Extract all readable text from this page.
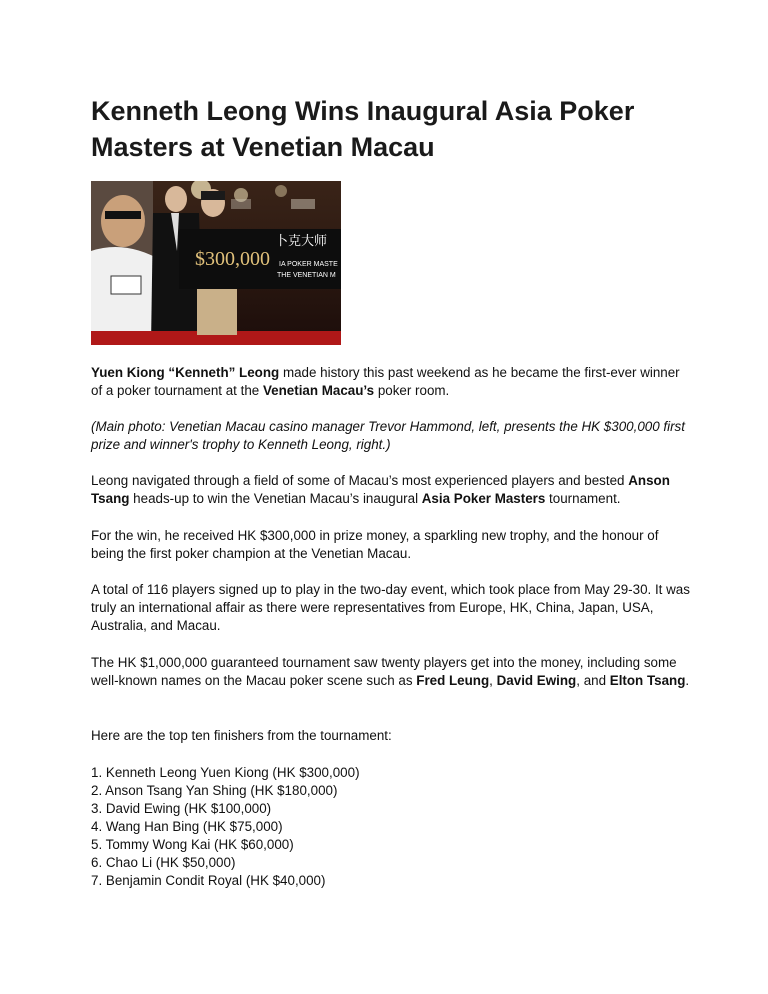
Kenneth Leong Wins Inaugural Asia Poker Masters at Venetian Macau
$300,000
卜克大师
IA POKER MASTE
THE VENETIAN M

Yuen Kiong “Kenneth” Leong made history this past weekend as he became the first-ever winner of a poker tournament at the Venetian Macau’s poker room.

(Main photo: Venetian Macau casino manager Trevor Hammond, left, presents the HK $300,000 first prize and winner's trophy to Kenneth Leong, right.)

Leong navigated through a field of some of Macau’s most experienced players and bested Anson Tsang heads-up to win the Venetian Macau’s inaugural Asia Poker Masters tournament.

For the win, he received HK $300,000 in prize money, a sparkling new trophy, and the honour of being the first poker champion at the Venetian Macau.

A total of 116 players signed up to play in the two-day event, which took place from May 29-30. It was truly an international affair as there were representatives from Europe, HK, China, Japan, USA, Australia, and Macau.

The HK $1,000,000 guaranteed tournament saw twenty players get into the money, including some well-known names on the Macau poker scene such as Fred Leung, David Ewing, and Elton Tsang.

Here are the top ten finishers from the tournament:

1. Kenneth Leong Yuen Kiong (HK $300,000)
2. Anson Tsang Yan Shing (HK $180,000)
3. David Ewing (HK $100,000)
4. Wang Han Bing (HK $75,000)
5. Tommy Wong Kai (HK $60,000)
6. Chao Li (HK $50,000)
7. Benjamin Condit Royal (HK $40,000)
